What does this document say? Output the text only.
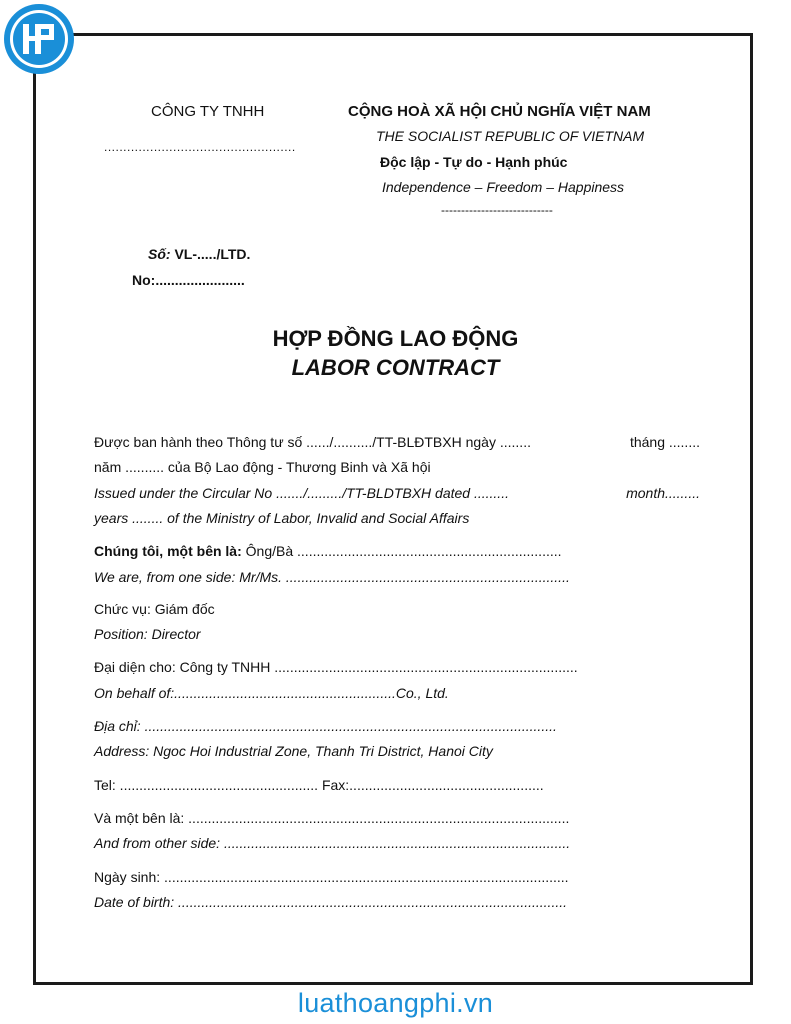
CÔNG TY TNHH
..................................................
CỘNG HOÀ XÃ HỘI CHỦ NGHĨA VIỆT NAM
THE SOCIALIST REPUBLIC OF VIETNAM
Độc lập - Tự do - Hạnh phúc
Independence – Freedom – Happiness
----------------------------
Số: VL-...../LTD.
No:.......................
HỢP ĐỒNG LAO ĐỘNG
LABOR CONTRACT
Được ban hành theo Thông tư số ....../........../TT-BLĐTBXH ngày ........	tháng ........
năm .......... của Bộ Lao động - Thương Binh và Xã hội
Issued under the Circular No ......./........./TT-BLDTBXH dated .........	month.........
years ........ of the Ministry of Labor, Invalid and Social Affairs
Chúng tôi, một bên là: Ông/Bà ....................................................................
We are, from one side: Mr/Ms. .........................................................................
Chức vụ: Giám đốc
Position: Director
Đại diện cho: Công ty TNHH ..............................................................................
On behalf of:.........................................................Co., Ltd.
Địa chỉ: ..........................................................................................................
Address: Ngoc Hoi Industrial Zone, Thanh Tri District, Hanoi City
Tel: ................................................... Fax:..................................................
Và một bên là: ..................................................................................................
And from other side: .........................................................................................
Ngày sinh: ........................................................................................................
Date of birth: ....................................................................................................
luathoangphi.vn
